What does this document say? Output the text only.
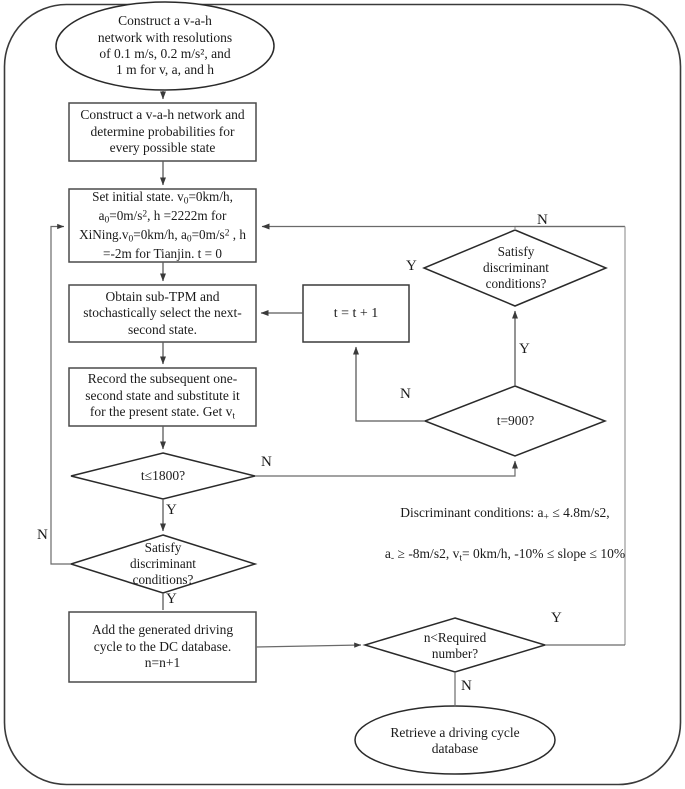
Construct a v-a-h
network with resolutions
of 0.1 m/s, 0.2 m/s², and
1 m for v, a, and h
Construct a v-a-h network and
determine probabilities for
every possible state
Set initial state. $v_0=0km/h$,
$a_0=0m/s^2$, h =2222m for
$XiNing.v_0=0km/h$, $a_0=0m/s^2$ , h
=-2m for Tianjin. t = 0
Obtain sub-TPM and
stochastically select the next-
second state.
t = t + 1
Record the subsequent one-
second state and substitute it
for the present state. Get $v_t$
t≤1800?
Satisfy
discriminant
conditions?
Add the generated driving
cycle to the DC database.
n=n+1
t=900?
Satisfy
discriminant
conditions?
n<Required
number?
Retrieve a driving cycle
database
N
Y
Y
N
N
Y
N
Y
Y
N

Discriminant conditions: $a_+ \le 4.8m/s2$,

$a_- \ge -8m/s2$, $v_t= 0km/h$, -10% ≤ slope ≤ 10%
